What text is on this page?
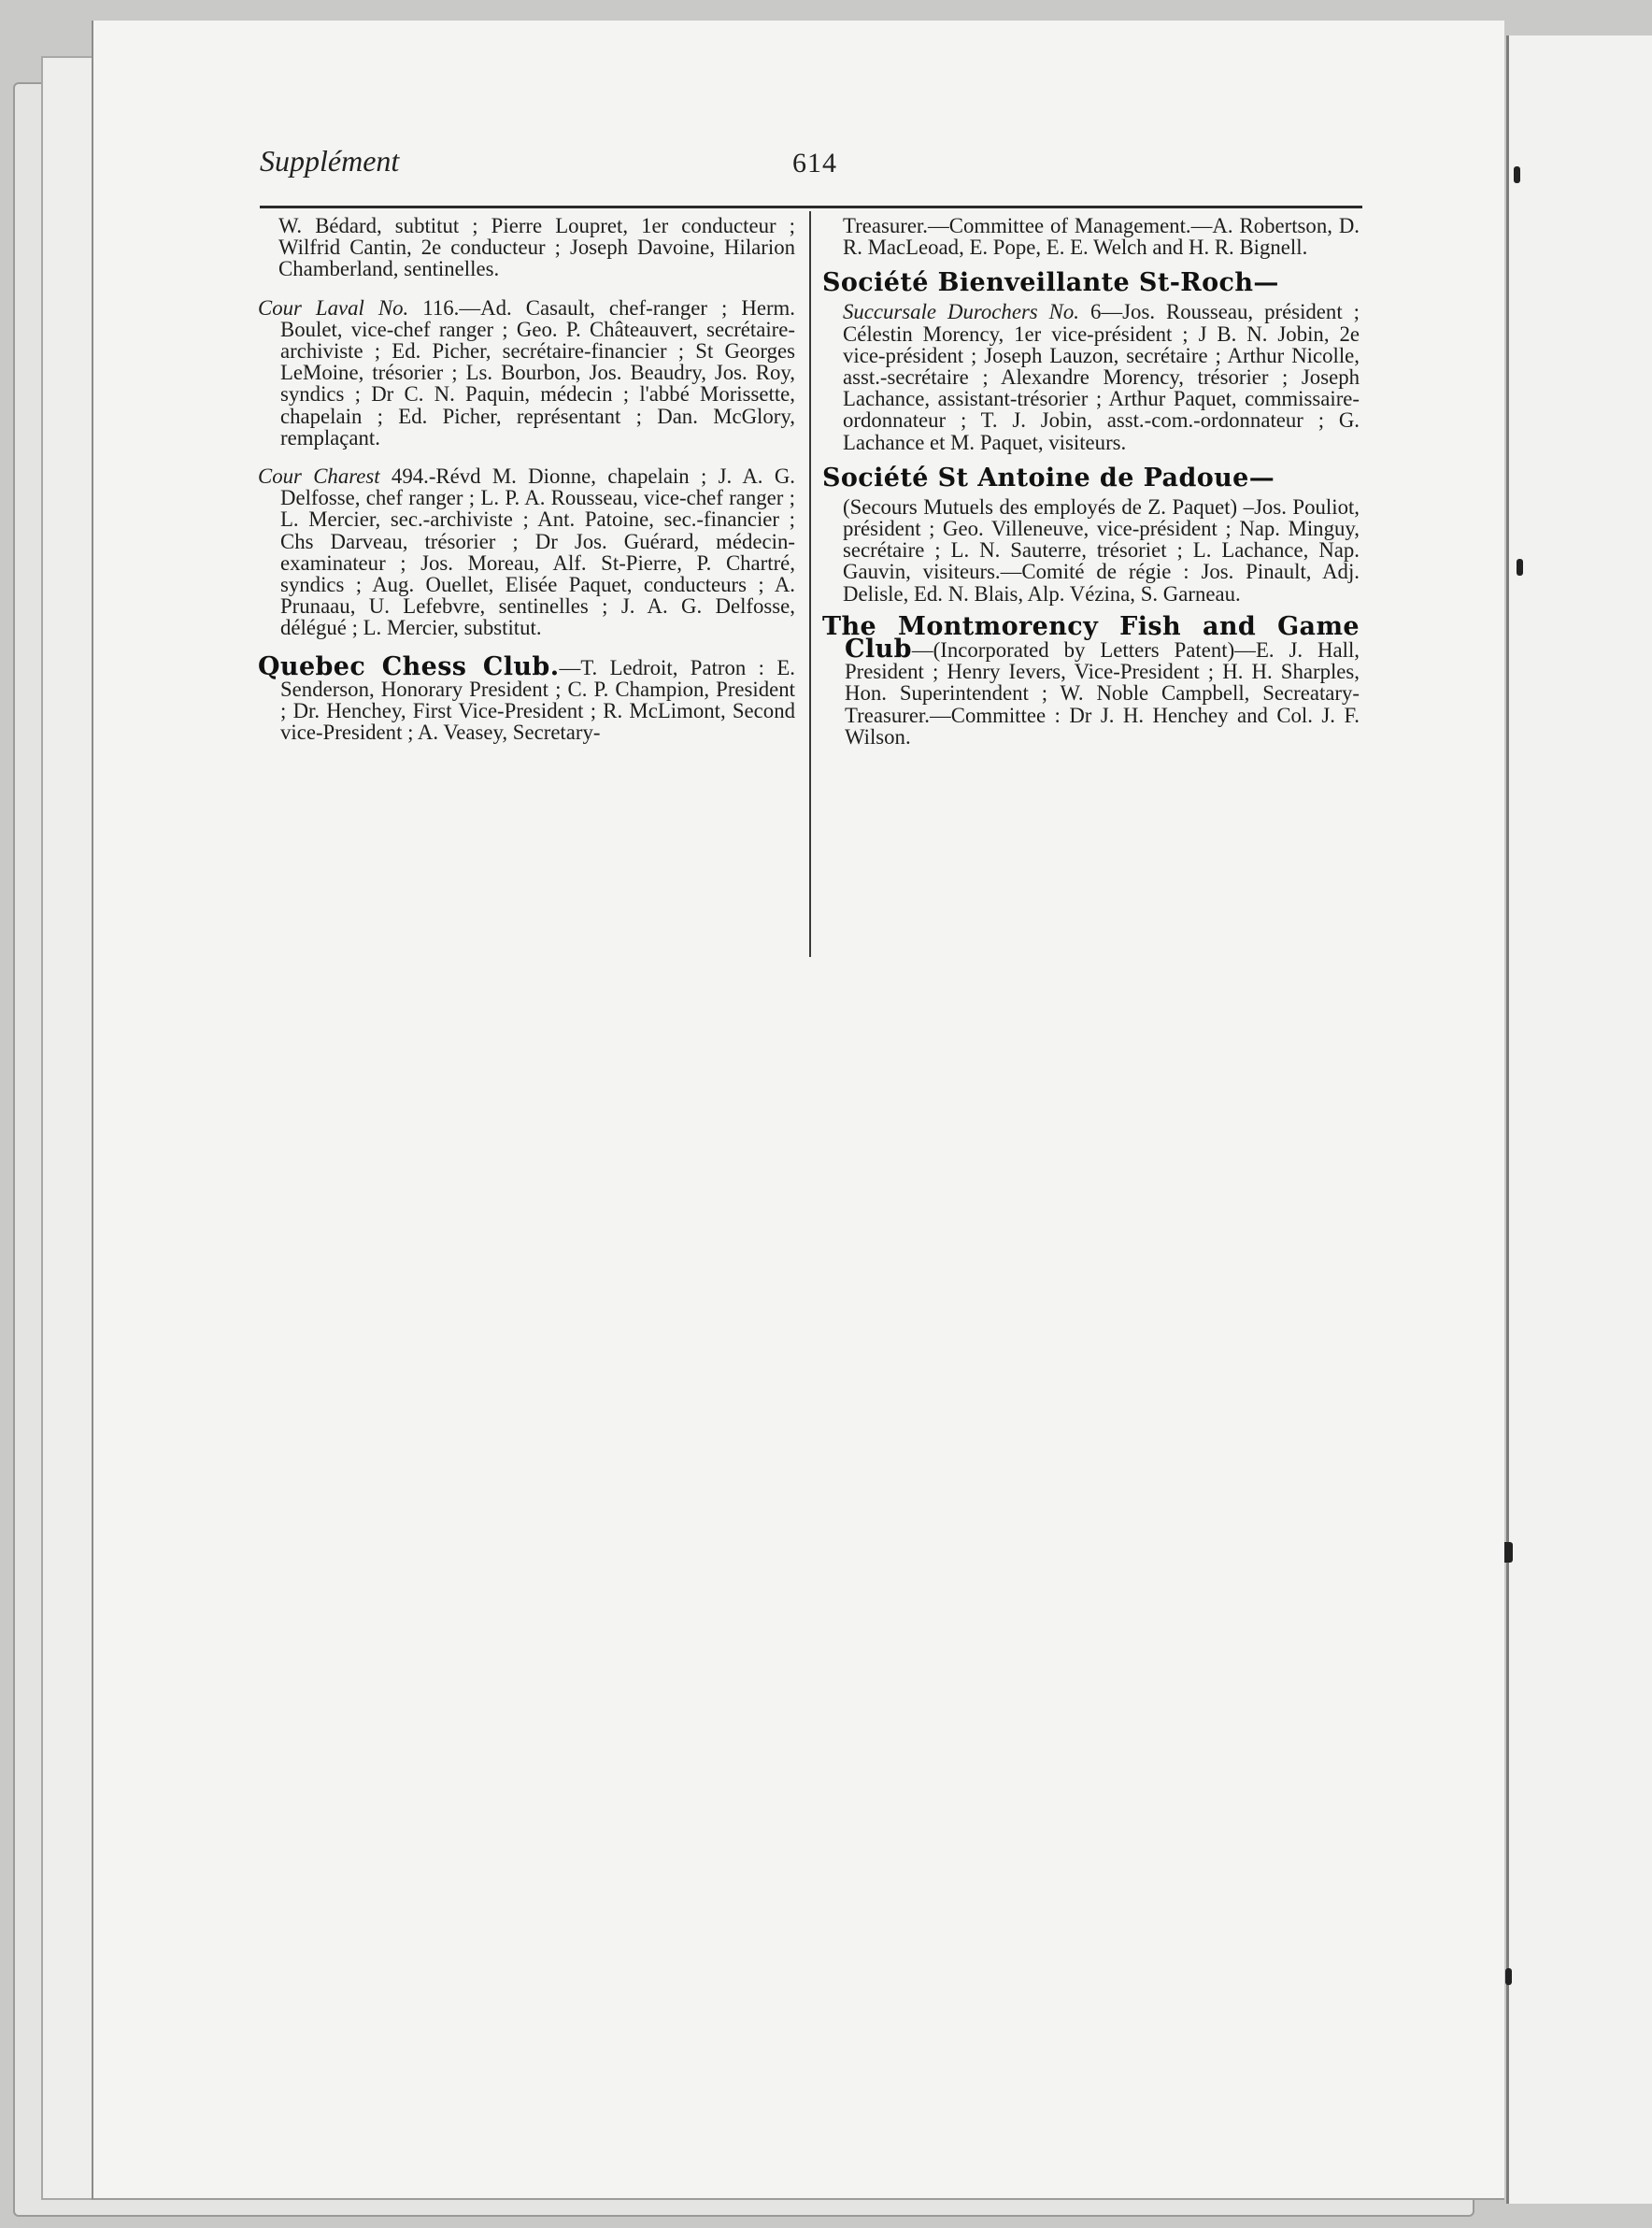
Supplément	614

W. Bédard, subtitut ; Pierre Loupret, 1er conducteur ; Wilfrid Cantin, 2e conducteur ; Joseph Davoine, Hilarion Chamberland, sentinelles.

Cour Laval No. 116.—Ad. Casault, chef-ranger ; Herm. Boulet, vice-chef ranger ; Geo. P. Châteauvert, secrétaire-archiviste ; Ed. Picher, secrétaire-financier ; St Georges LeMoine, trésorier ; Ls. Bourbon, Jos. Beaudry, Jos. Roy, syndics ; Dr C. N. Paquin, médecin ; l'abbé Morissette, chapelain ; Ed. Picher, représentant ; Dan. McGlory, remplaçant.

Cour Charest 494.-Révd M. Dionne, chapelain ; J. A. G. Delfosse, chef ranger ; L. P. A. Rousseau, vice-chef ranger ; L. Mercier, sec.-archiviste ; Ant. Patoine, sec.-financier ; Chs Darveau, trésorier ; Dr Jos. Guérard, médecin-examinateur ; Jos. Moreau, Alf. St-Pierre, P. Chartré, syndics ; Aug. Ouellet, Elisée Paquet, conducteurs ; A. Prunaau, U. Lefebvre, sentinelles ; J. A. G. Delfosse, délégué ; L. Mercier, substitut.

Quebec Chess Club.—T. Ledroit, Patron : E. Senderson, Honorary President ; C. P. Champion, President ; Dr. Henchey, First Vice-President ; R. McLimont, Second vice-President ; A. Veasey, Secretary-

Treasurer.—Committee of Management.—A. Robertson, D. R. MacLeoad, E. Pope, E. E. Welch and H. R. Bignell.

Société Bienveillante St-Roch—

Succursale Durochers No. 6—Jos. Rousseau, président ; Célestin Morency, 1er vice-président ; J B. N. Jobin, 2e vice-président ; Joseph Lauzon, secrétaire ; Arthur Nicolle, asst.-secrétaire ; Alexandre Morency, trésorier ; Joseph Lachance, assistant-trésorier ; Arthur Paquet, commissaire-ordonnateur ; T. J. Jobin, asst.-com.-ordonnateur ; G. Lachance et M. Paquet, visiteurs.

Société St Antoine de Padoue—

(Secours Mutuels des employés de Z. Paquet) –Jos. Pouliot, président ; Geo. Villeneuve, vice-président ; Nap. Minguy, secrétaire ; L. N. Sauterre, trésoriet ; L. Lachance, Nap. Gauvin, visiteurs.—Comité de régie : Jos. Pinault, Adj. Delisle, Ed. N. Blais, Alp. Vézina, S. Garneau.

The Montmorency Fish and Game Club—(Incorporated by Letters Patent)—E. J. Hall, President ; Henry Ievers, Vice-President ; H. H. Sharples, Hon. Superintendent ; W. Noble Campbell, Secreatary-Treasurer.—Committee : Dr J. H. Henchey and Col. J. F. Wilson.
